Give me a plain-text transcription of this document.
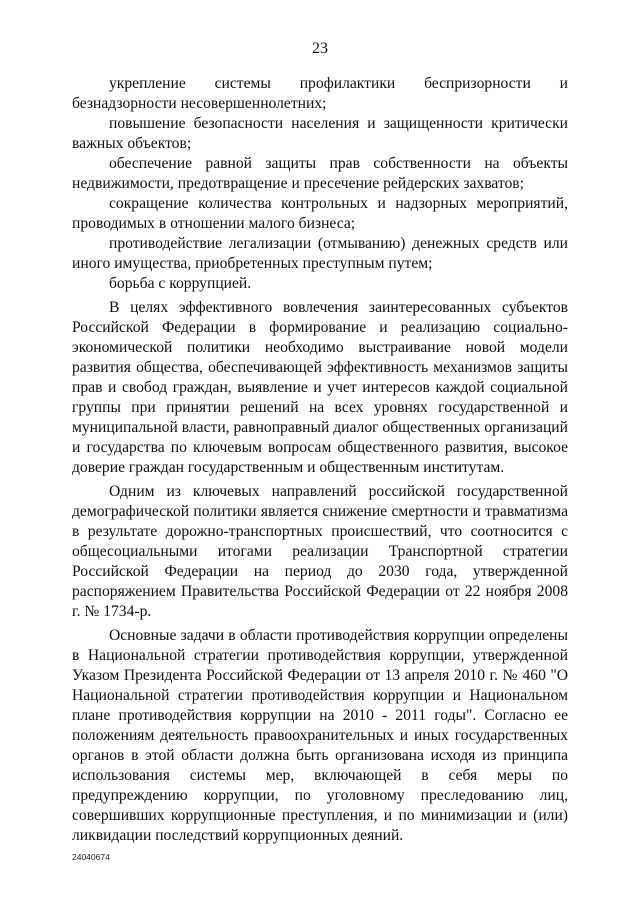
23

укрепление системы профилактики беспризорности и безнадзорности несовершеннолетних;

повышение безопасности населения и защищенности критически важных объектов;

обеспечение равной защиты прав собственности на объекты недвижимости, предотвращение и пресечение рейдерских захватов;

сокращение количества контрольных и надзорных мероприятий, проводимых в отношении малого бизнеса;

противодействие легализации (отмыванию) денежных средств или иного имущества, приобретенных преступным путем;

борьба с коррупцией.

В целях эффективного вовлечения заинтересованных субъектов Российской Федерации в формирование и реализацию социально-экономической политики необходимо выстраивание новой модели развития общества, обеспечивающей эффективность механизмов защиты прав и свобод граждан, выявление и учет интересов каждой социальной группы при принятии решений на всех уровнях государственной и муниципальной власти, равноправный диалог общественных организаций и государства по ключевым вопросам общественного развития, высокое доверие граждан государственным и общественным институтам.

Одним из ключевых направлений российской государственной демографической политики является снижение смертности и травматизма в результате дорожно-транспортных происшествий, что соотносится с общесоциальными итогами реализации Транспортной стратегии Российской Федерации на период до 2030 года, утвержденной распоряжением Правительства Российской Федерации от 22 ноября 2008 г. № 1734-р.

Основные задачи в области противодействия коррупции определены в Национальной стратегии противодействия коррупции, утвержденной Указом Президента Российской Федерации от 13 апреля 2010 г. № 460 "О Национальной стратегии противодействия коррупции и Национальном плане противодействия коррупции на 2010 - 2011 годы". Согласно ее положениям деятельность правоохранительных и иных государственных органов в этой области должна быть организована исходя из принципа использования системы мер, включающей в себя меры по предупреждению коррупции, по уголовному преследованию лиц, совершивших коррупционные преступления, и по минимизации и (или) ликвидации последствий коррупционных деяний.

24040674
